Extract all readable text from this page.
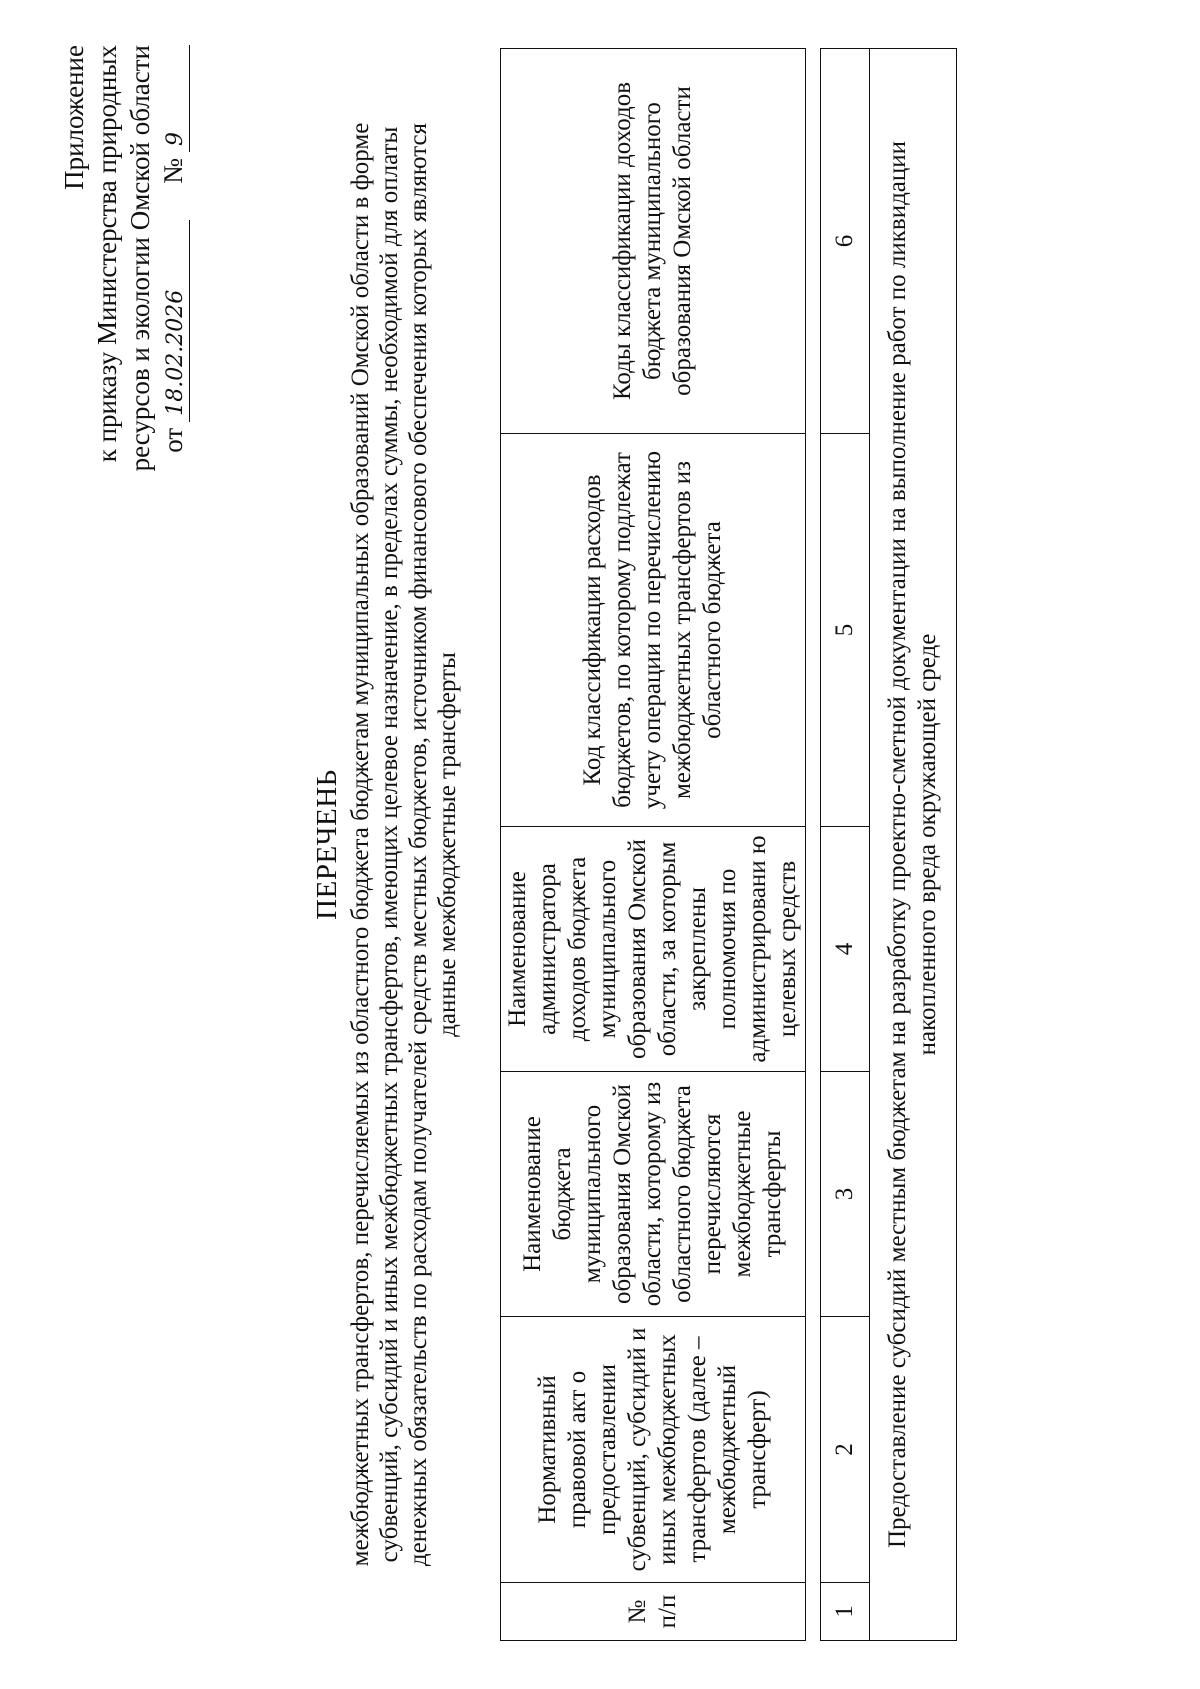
Приложение к приказу Министерства природных ресурсов и экологии Омской области от
18.02.2026
№
9
ПЕРЕЧЕНЬ межбюджетных трансфертов, перечисляемых из областного бюджета бюджетам муниципальных образований Омской области в форме субвенций, субсидий и иных межбюджетных трансфертов, имеющих целевое назначение, в пределах суммы, необходимой для оплаты денежных обязательств по расходам получателей средств местных бюджетов, источником финансового обеспечения которых являются данные межбюджетные трансферты
№ п/п	Нормативный правовой акт о предоставлении субвенций, субсидий и иных межбюджетных трансфертов (далее – межбюджетный трансферт)	Наименование бюджета муниципального образования Омской области, которому из областного бюджета перечисляются межбюджетные трансферты	Наименование администратора доходов бюджета муниципального образования Омской области, за которым закреплены полномочия по администрировани ю целевых средств	Код классификации расходов бюджетов, по которому подлежат учету операции по перечислению межбюджетных трансфертов из областного бюджета	Коды классификации доходов бюджета муниципального образования Омской области

1	2	3	4	5	6
Предоставление субсидий местным бюджетам на разработку проектно-сметной документации на выполнение работ по ликвидации накопленного вреда окружающей среде					
